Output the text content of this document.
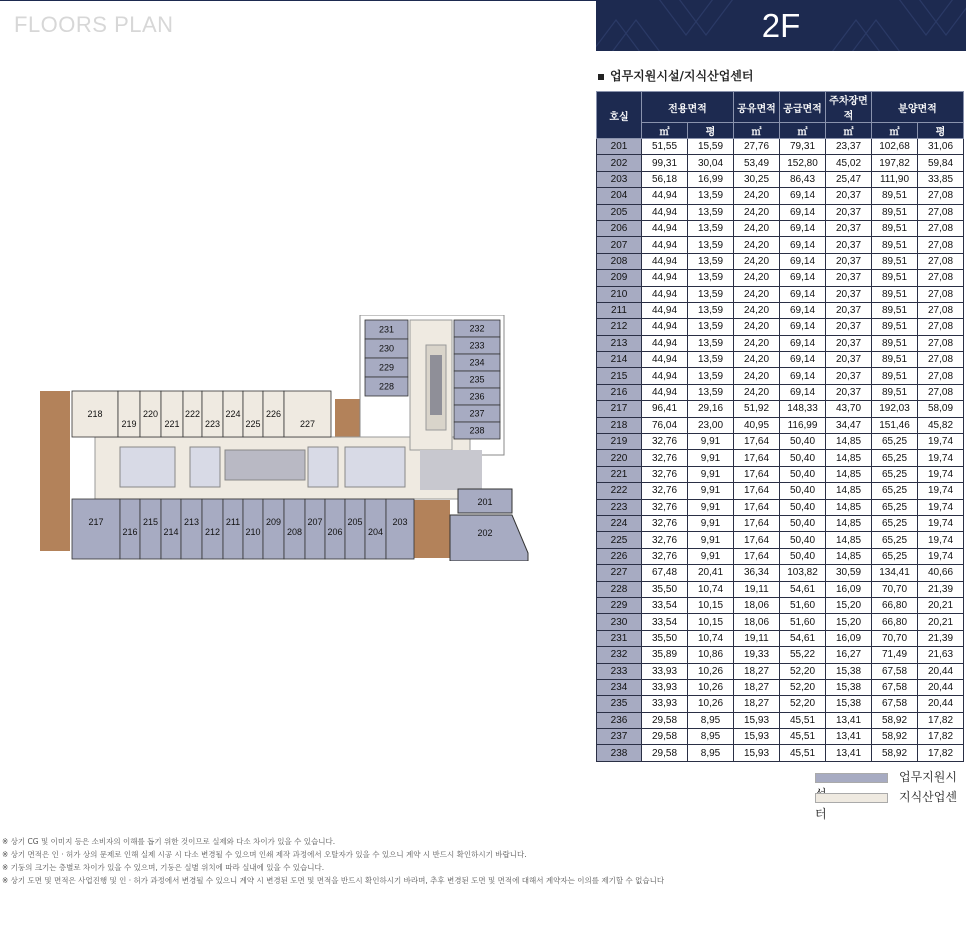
FLOORS PLAN	2F
업무지원시설/지식산업센터
호실	전용면적		공유면적	공급면적	주차장면적	분양면적	
	㎡	평	㎡	㎡	㎡	㎡	평
201	51,55	15,59	27,76	79,31	23,37	102,68	31,06
202	99,31	30,04	53,49	152,80	45,02	197,82	59,84
203	56,18	16,99	30,25	86,43	25,47	111,90	33,85
204	44,94	13,59	24,20	69,14	20,37	89,51	27,08
205	44,94	13,59	24,20	69,14	20,37	89,51	27,08
206	44,94	13,59	24,20	69,14	20,37	89,51	27,08
207	44,94	13,59	24,20	69,14	20,37	89,51	27,08
208	44,94	13,59	24,20	69,14	20,37	89,51	27,08
209	44,94	13,59	24,20	69,14	20,37	89,51	27,08
210	44,94	13,59	24,20	69,14	20,37	89,51	27,08
211	44,94	13,59	24,20	69,14	20,37	89,51	27,08
212	44,94	13,59	24,20	69,14	20,37	89,51	27,08
213	44,94	13,59	24,20	69,14	20,37	89,51	27,08
214	44,94	13,59	24,20	69,14	20,37	89,51	27,08
215	44,94	13,59	24,20	69,14	20,37	89,51	27,08
216	44,94	13,59	24,20	69,14	20,37	89,51	27,08
217	96,41	29,16	51,92	148,33	43,70	192,03	58,09
218	76,04	23,00	40,95	116,99	34,47	151,46	45,82
219	32,76	9,91	17,64	50,40	14,85	65,25	19,74
220	32,76	9,91	17,64	50,40	14,85	65,25	19,74
221	32,76	9,91	17,64	50,40	14,85	65,25	19,74
222	32,76	9,91	17,64	50,40	14,85	65,25	19,74
223	32,76	9,91	17,64	50,40	14,85	65,25	19,74
224	32,76	9,91	17,64	50,40	14,85	65,25	19,74
225	32,76	9,91	17,64	50,40	14,85	65,25	19,74
226	32,76	9,91	17,64	50,40	14,85	65,25	19,74
227	67,48	20,41	36,34	103,82	30,59	134,41	40,66
228	35,50	10,74	19,11	54,61	16,09	70,70	21,39
229	33,54	10,15	18,06	51,60	15,20	66,80	20,21
230	33,54	10,15	18,06	51,60	15,20	66,80	20,21
231	35,50	10,74	19,11	54,61	16,09	70,70	21,39
232	35,89	10,86	19,33	55,22	16,27	71,49	21,63
233	33,93	10,26	18,27	52,20	15,38	67,58	20,44
234	33,93	10,26	18,27	52,20	15,38	67,58	20,44
235	33,93	10,26	18,27	52,20	15,38	67,58	20,44
236	29,58	8,95	15,93	45,51	13,41	58,92	17,82
237	29,58	8,95	15,93	45,51	13,41	58,92	17,82
238	29,58	8,95	15,93	45,51	13,41	58,92	17,82
업무지원시
지식산업센터
※ 상기 CG 및 이미지 등은 소비자의 이해를 돕기 위한 것이므로 실제와 다소 차이가 있을 수 있습니다.
※ 상기 면적은 인 · 허가 상의 문제로 인해 실제 시공 시 다소 변경될 수 있으며 인쇄 제작 과정에서 오탈자가 있을 수 있으니 계약 시 반드시 확인하시기 바랍니다.
※ 기둥의 크기는 층별로 차이가 있을 수 있으며, 기둥은 실별 위치에 따라 실내에 있을 수 있습니다.
※ 상기 도면 및 면적은 사업진행 및 인 · 허가 과정에서 변경될 수 있으니 계약 시 변경된 도면 및 면적을 반드시 확인하시기 바라며, 추후 변경된 도면 및 면적에 대해서 계약자는 이의를 제기할 수 없습니다
218
219
220
221
222
223
224
225
226
227
217
216
215
214
213
212
211
210
209
208
207
206
205
204
203
231
230
229
228
232
233
234
235
236
237
238
201
202
